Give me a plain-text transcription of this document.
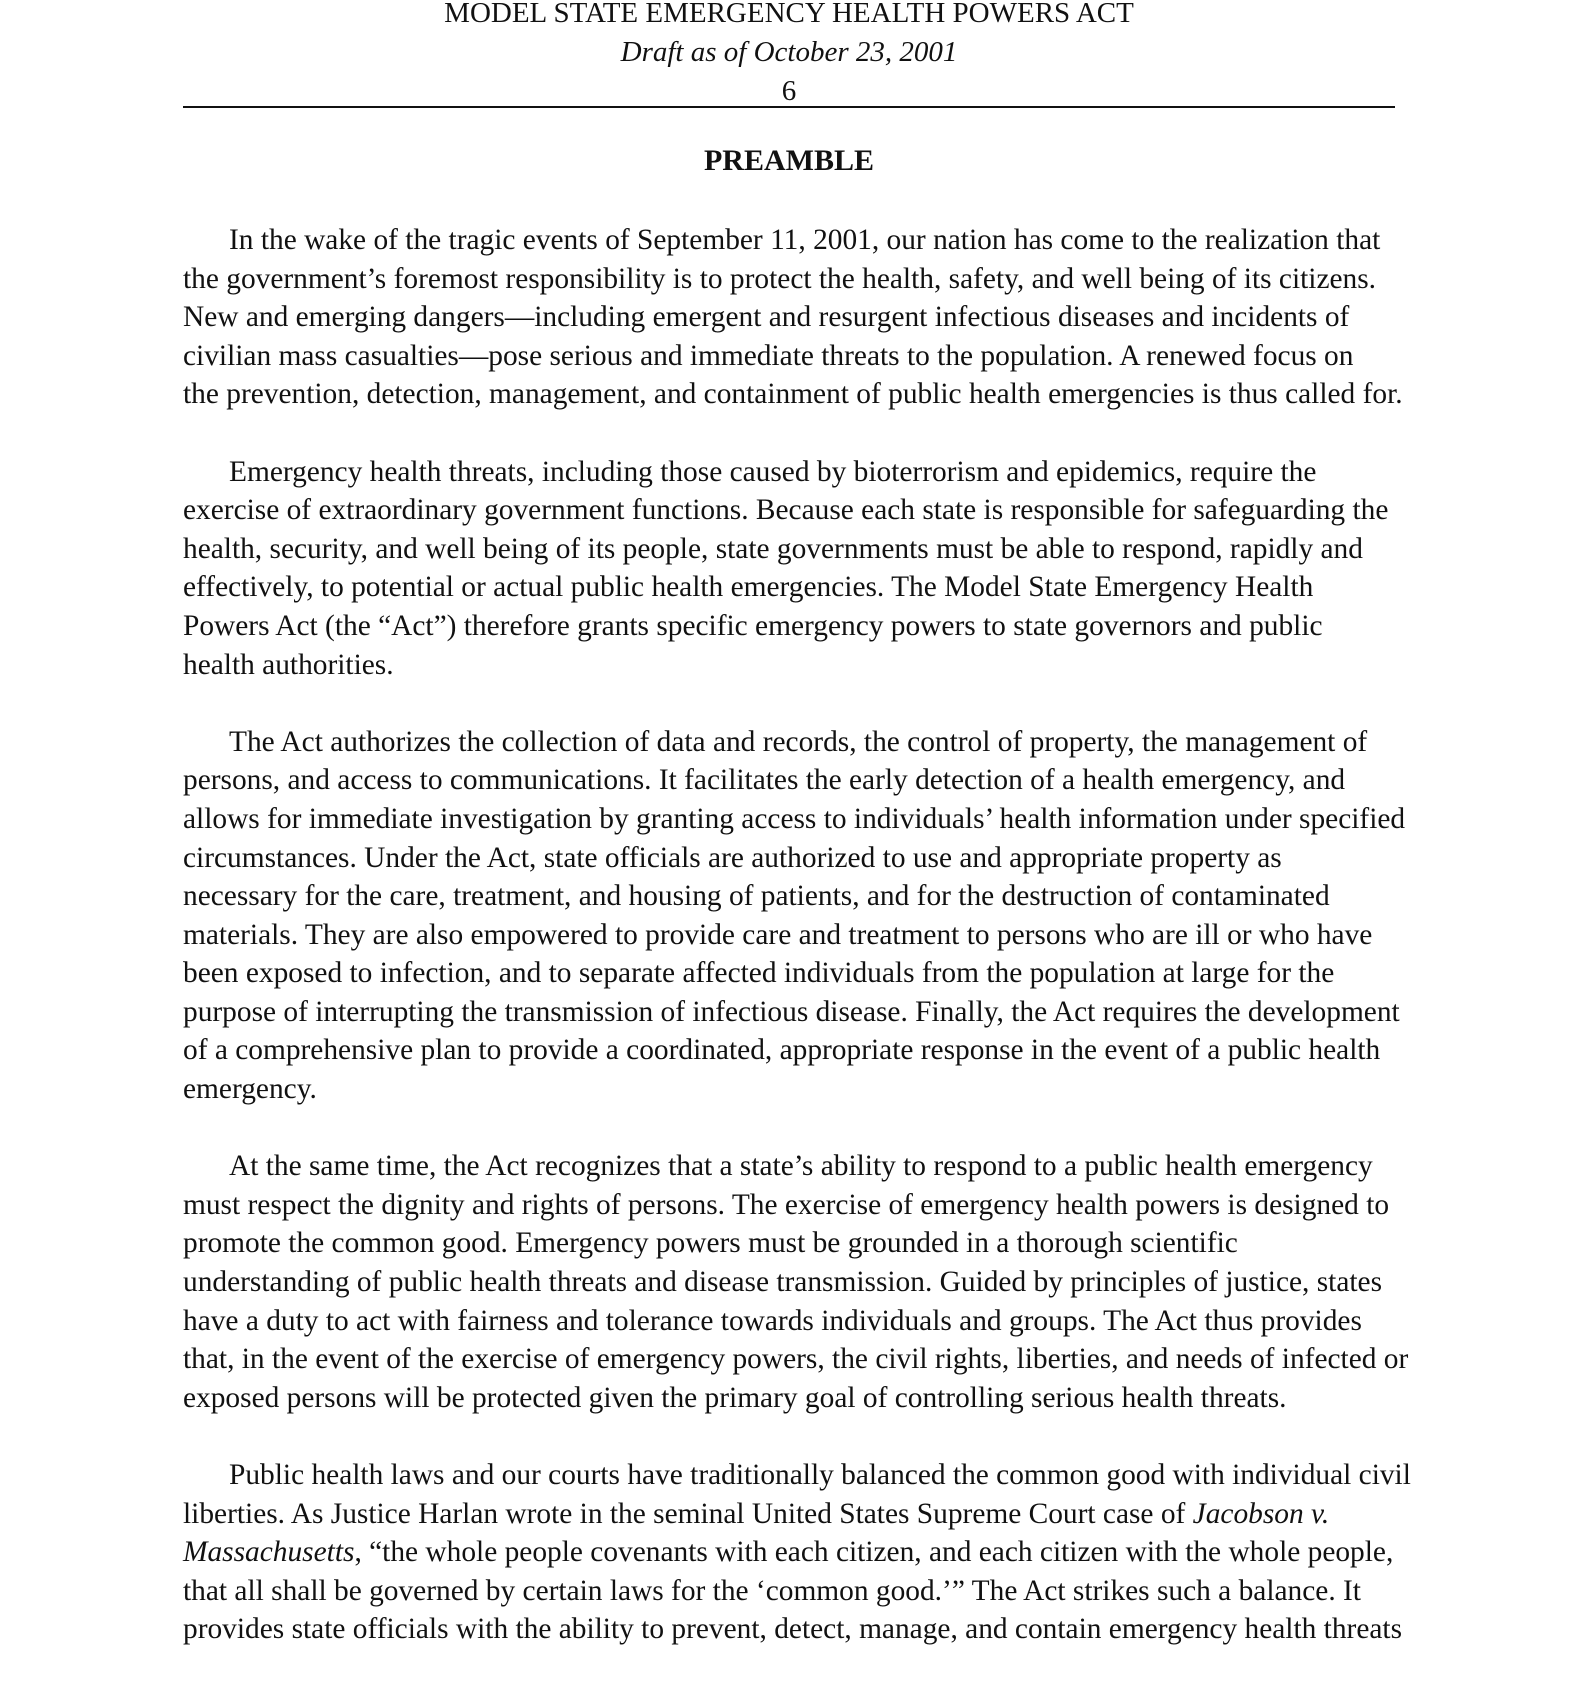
MODEL STATE EMERGENCY HEALTH POWERS ACT
Draft as of October 23, 2001
6
PREAMBLE
In the wake of the tragic events of September 11, 2001, our nation has come to the realization that
the government’s foremost responsibility is to protect the health, safety, and well being of its citizens.
New and emerging dangers—including emergent and resurgent infectious diseases and incidents of
civilian mass casualties—pose serious and immediate threats to the population. A renewed focus on
the prevention, detection, management, and containment of public health emergencies is thus called for.
Emergency health threats, including those caused by bioterrorism and epidemics, require the
exercise of extraordinary government functions. Because each state is responsible for safeguarding the
health, security, and well being of its people, state governments must be able to respond, rapidly and
effectively, to potential or actual public health emergencies. The Model State Emergency Health
Powers Act (the “Act”) therefore grants specific emergency powers to state governors and public
health authorities.
The Act authorizes the collection of data and records, the control of property, the management of
persons, and access to communications. It facilitates the early detection of a health emergency, and
allows for immediate investigation by granting access to individuals’ health information under specified
circumstances. Under the Act, state officials are authorized to use and appropriate property as
necessary for the care, treatment, and housing of patients, and for the destruction of contaminated
materials. They are also empowered to provide care and treatment to persons who are ill or who have
been exposed to infection, and to separate affected individuals from the population at large for the
purpose of interrupting the transmission of infectious disease. Finally, the Act requires the development
of a comprehensive plan to provide a coordinated, appropriate response in the event of a public health
emergency.
At the same time, the Act recognizes that a state’s ability to respond to a public health emergency
must respect the dignity and rights of persons. The exercise of emergency health powers is designed to
promote the common good. Emergency powers must be grounded in a thorough scientific
understanding of public health threats and disease transmission. Guided by principles of justice, states
have a duty to act with fairness and tolerance towards individuals and groups. The Act thus provides
that, in the event of the exercise of emergency powers, the civil rights, liberties, and needs of infected or
exposed persons will be protected given the primary goal of controlling serious health threats.
Public health laws and our courts have traditionally balanced the common good with individual civil
liberties. As Justice Harlan wrote in the seminal United States Supreme Court case of Jacobson v.
Massachusetts, “the whole people covenants with each citizen, and each citizen with the whole people,
that all shall be governed by certain laws for the ‘common good.’” The Act strikes such a balance. It
provides state officials with the ability to prevent, detect, manage, and contain emergency health threats
